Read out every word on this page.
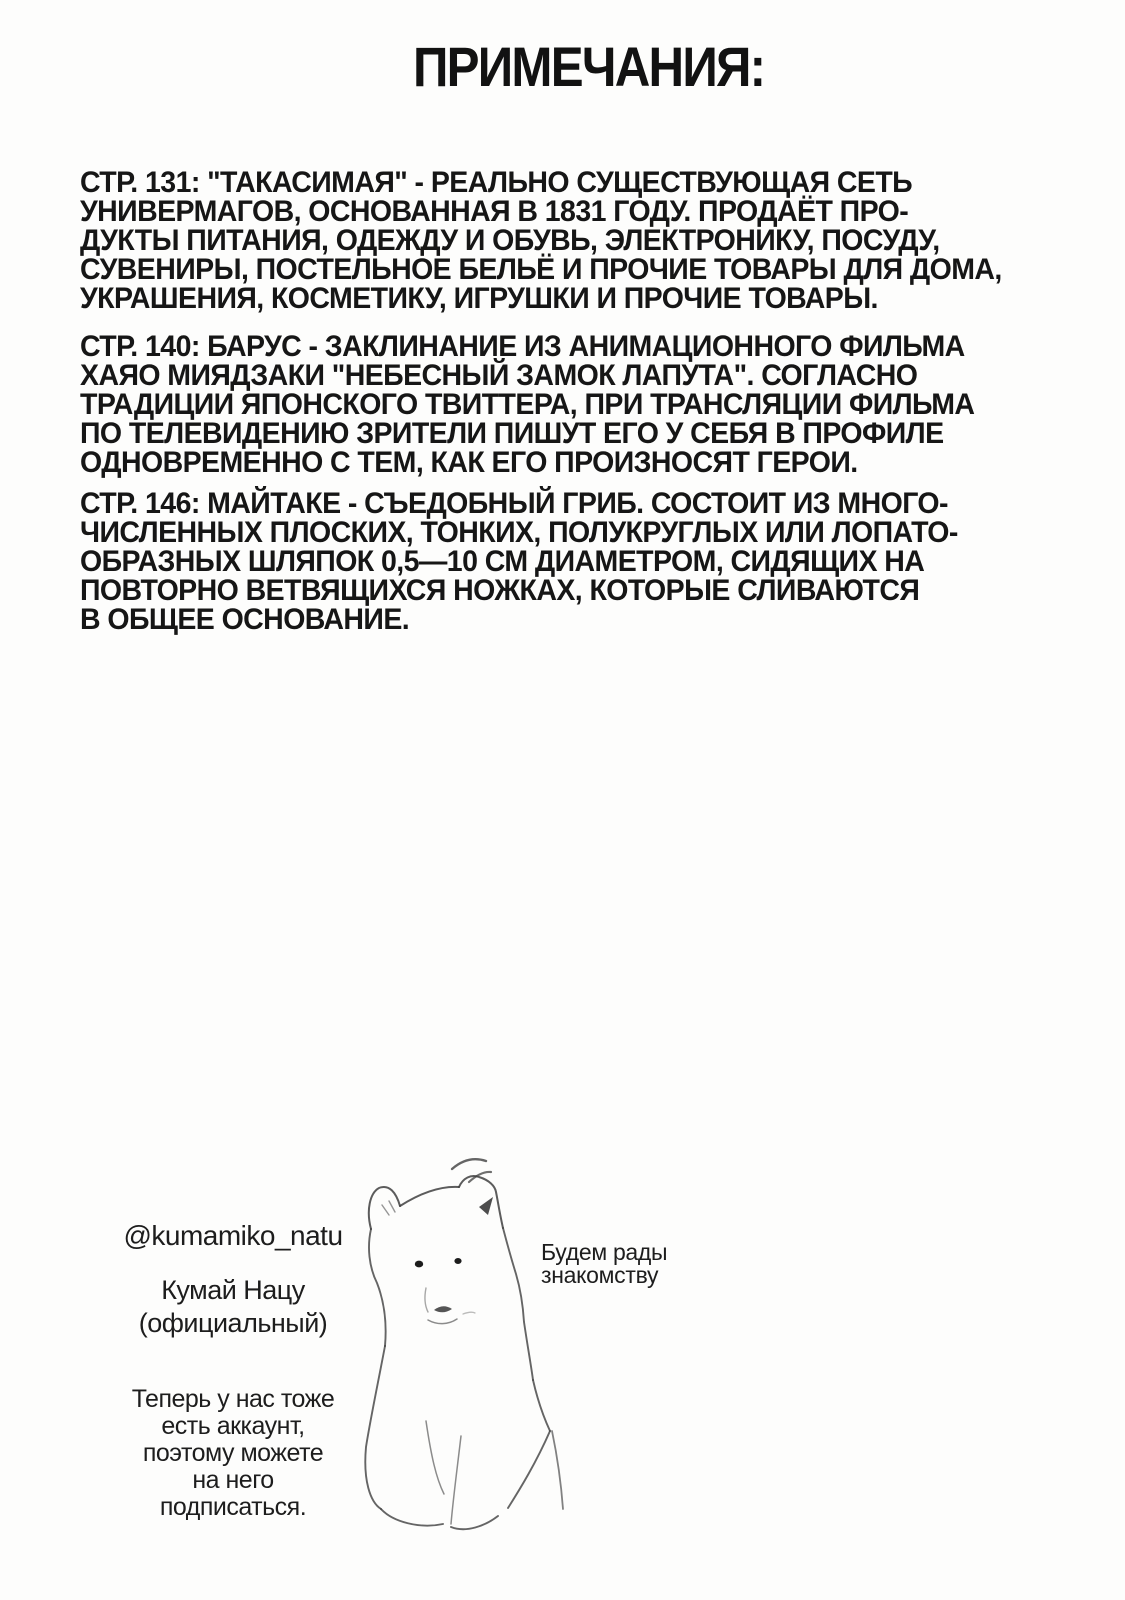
ПРИМЕЧАНИЯ:
СТР. 131: "ТАКАСИМАЯ" - РЕАЛЬНО СУЩЕСТВУЮЩАЯ СЕТЬ
УНИВЕРМАГОВ, ОСНОВАННАЯ В 1831 ГОДУ. ПРОДАЁТ ПРО-
ДУКТЫ ПИТАНИЯ, ОДЕЖДУ И ОБУВЬ, ЭЛЕКТРОНИКУ, ПОСУДУ,
СУВЕНИРЫ, ПОСТЕЛЬНОЕ БЕЛЬЁ И ПРОЧИЕ ТОВАРЫ ДЛЯ ДОМА,
УКРАШЕНИЯ, КОСМЕТИКУ, ИГРУШКИ И ПРОЧИЕ ТОВАРЫ.
СТР. 140: БАРУС - ЗАКЛИНАНИЕ ИЗ АНИМАЦИОННОГО ФИЛЬМА
ХАЯО МИЯДЗАКИ "НЕБЕСНЫЙ ЗАМОК ЛАПУТА". СОГЛАСНО
ТРАДИЦИИ ЯПОНСКОГО ТВИТТЕРА, ПРИ ТРАНСЛЯЦИИ ФИЛЬМА
ПО ТЕЛЕВИДЕНИЮ ЗРИТЕЛИ ПИШУТ ЕГО У СЕБЯ В ПРОФИЛЕ
ОДНОВРЕМЕННО С ТЕМ, КАК ЕГО ПРОИЗНОСЯТ ГЕРОИ.
СТР. 146: МАЙТАКЕ - СЪЕДОБНЫЙ ГРИБ. СОСТОИТ ИЗ МНОГО-
ЧИСЛЕННЫХ ПЛОСКИХ, ТОНКИХ, ПОЛУКРУГЛЫХ ИЛИ ЛОПАТО-
ОБРАЗНЫХ ШЛЯПОК 0,5—10 СМ ДИАМЕТРОМ, СИДЯЩИХ НА
ПОВТОРНО ВЕТВЯЩИХСЯ НОЖКАХ, КОТОРЫЕ СЛИВАЮТСЯ
В ОБЩЕЕ ОСНОВАНИЕ.
@kumamiko_natu
Кумай Нацу
(официальный)
Теперь у нас тоже
есть аккаунт,
поэтому можете
на него
подписаться.
Будем рады
знакомству
